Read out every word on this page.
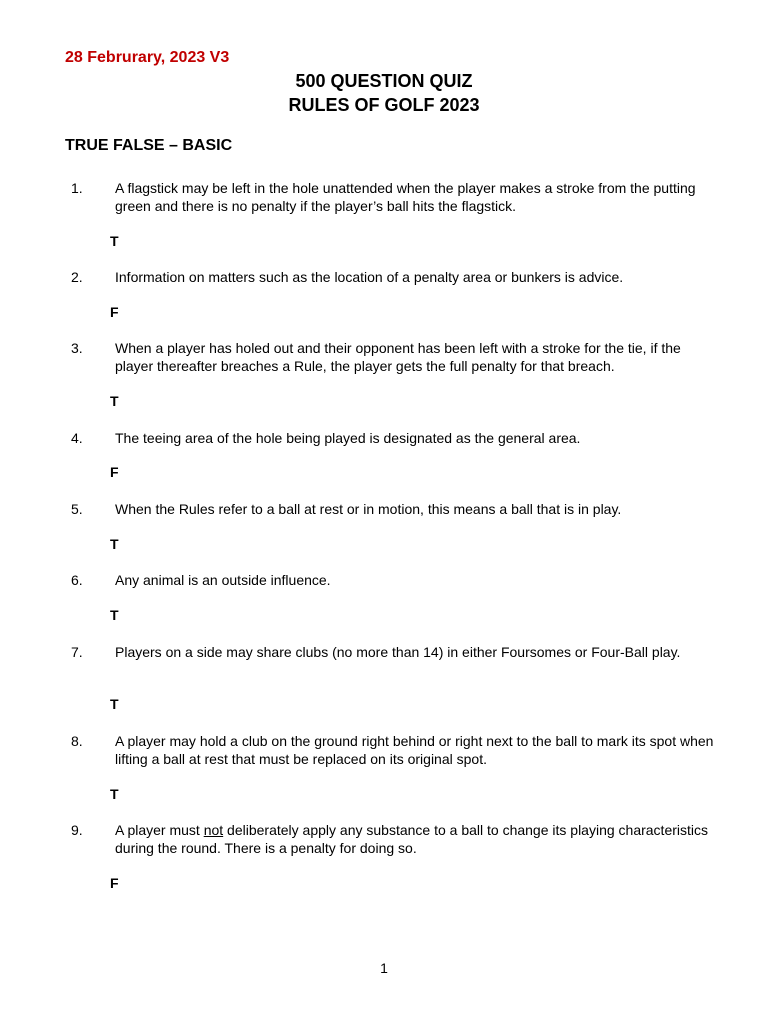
28 Februrary, 2023 V3
500 QUESTION QUIZ
RULES OF GOLF 2023
TRUE FALSE – BASIC
1. A flagstick may be left in the hole unattended when the player makes a stroke from the putting green and there is no penalty if the player’s ball hits the flagstick.
T
2. Information on matters such as the location of a penalty area or bunkers is advice.
F
3. When a player has holed out and their opponent has been left with a stroke for the tie, if the player thereafter breaches a Rule, the player gets the full penalty for that breach.
T
4. The teeing area of the hole being played is designated as the general area.
F
5. When the Rules refer to a ball at rest or in motion, this means a ball that is in play.
T
6. Any animal is an outside influence.
T
7. Players on a side may share clubs (no more than 14) in either Foursomes or Four-Ball play.
T
8. A player may hold a club on the ground right behind or right next to the ball to mark its spot when lifting a ball at rest that must be replaced on its original spot.
T
9. A player must not deliberately apply any substance to a ball to change its playing characteristics during the round. There is a penalty for doing so.
F
1
